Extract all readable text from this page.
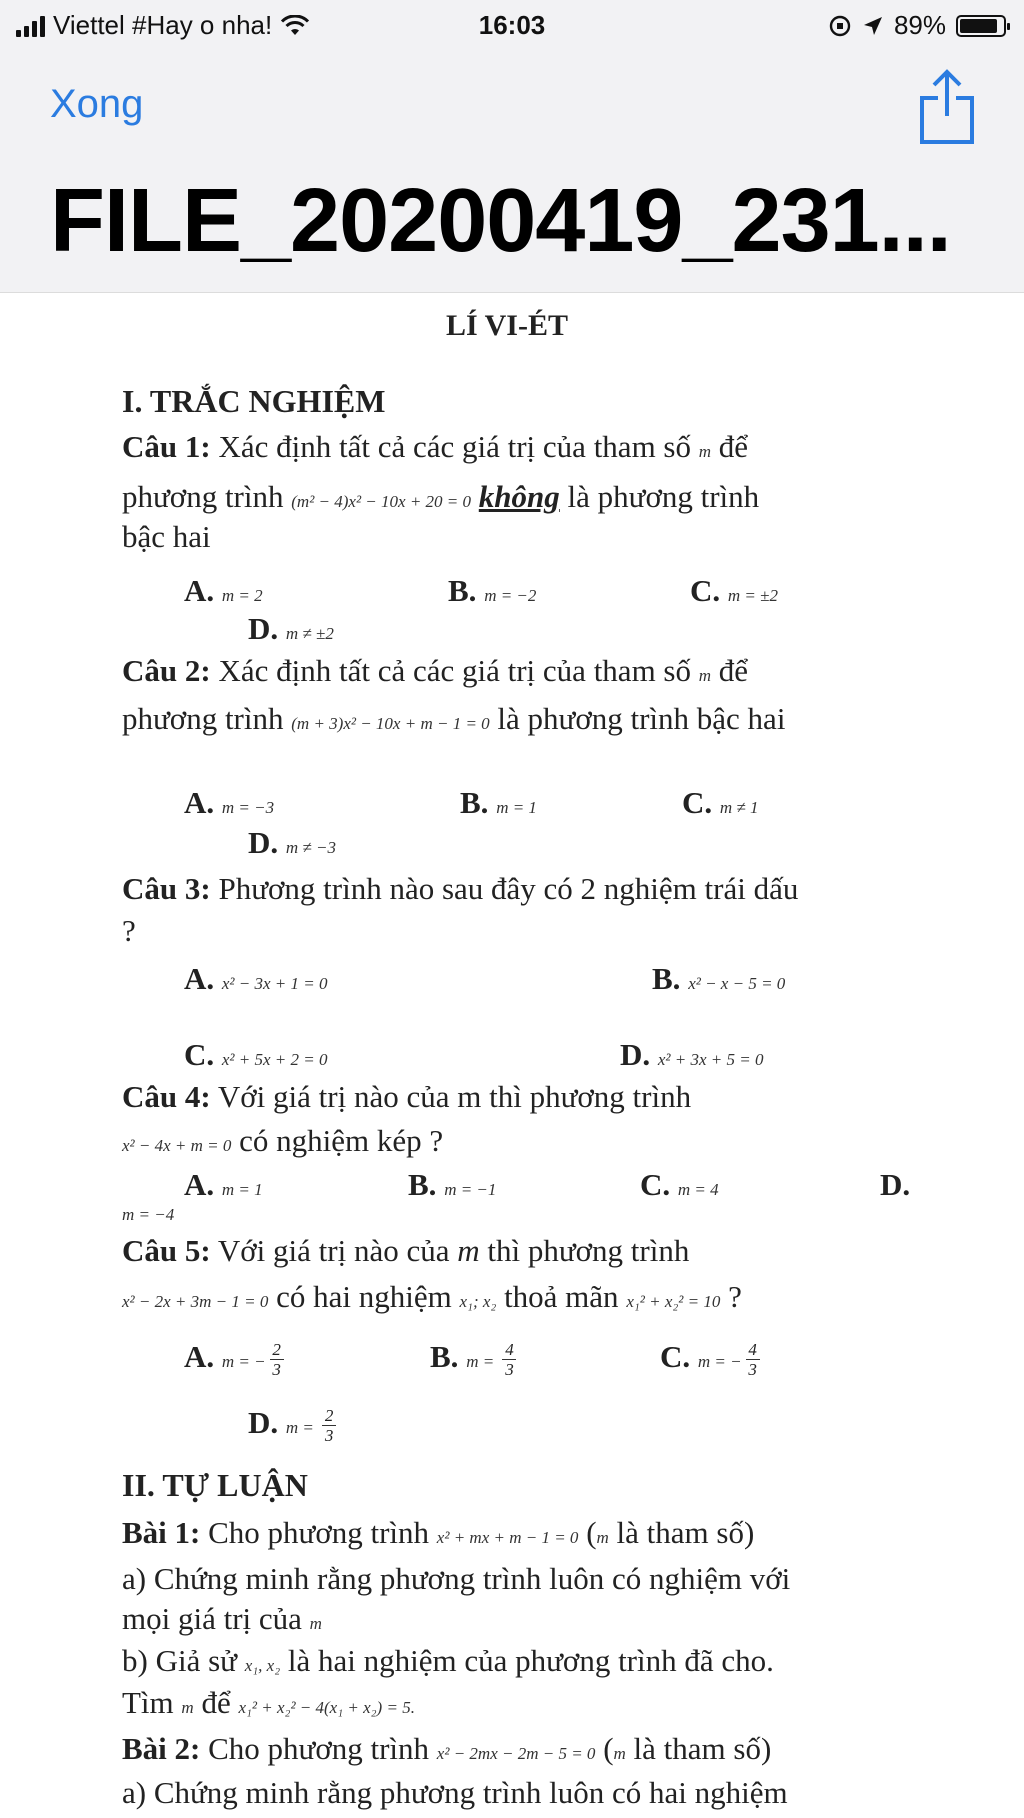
Viettel #Hay o nha!	16:03	89%
Xong
FILE_20200419_231...
LÍ VI-ÉT
I. TRẮC NGHIỆM
Câu 1: Xác định tất cả các giá trị của tham số m để
phương trình (m² − 4)x² − 10x + 20 = 0 không là phương trình
bậc hai
A. m = 2	B. m = −2	C. m = ±2
D. m ≠ ±2
Câu 2: Xác định tất cả các giá trị của tham số m để
phương trình (m + 3)x² − 10x + m − 1 = 0 là phương trình bậc hai
A. m = −3	B. m = 1	C. m ≠ 1
D. m ≠ −3
Câu 3: Phương trình nào sau đây có 2 nghiệm trái dấu
?
A. x² − 3x + 1 = 0	B. x² − x − 5 = 0
C. x² + 5x + 2 = 0	D. x² + 3x + 5 = 0
Câu 4: Với giá trị nào của m thì phương trình
x² − 4x + m = 0 có nghiệm kép ?
A. m = 1	B. m = −1	C. m = 4	D.
m = −4
Câu 5: Với giá trị nào của m thì phương trình
x² − 2x + 3m − 1 = 0 có hai nghiệm x₁; x₂ thoả mãn x₁² + x₂² = 10 ?
A. m = − $\frac{2}{3}$	B. $m = \frac{4}{3}$	C. m = − $\frac{4}{3}$
D. $m = \frac{2}{3}$
II. TỰ LUẬN
Bài 1: Cho phương trình x² + mx + m − 1 = 0 (m là tham số)
a) Chứng minh rằng phương trình luôn có nghiệm với
mọi giá trị của m
b) Giả sử x₁, x₂ là hai nghiệm của phương trình đã cho.
Tìm m để x₁² + x₂² − 4(x₁ + x₂) = 5.
Bài 2: Cho phương trình x² − 2mx − 2m − 5 = 0 (m là tham số)
a) Chứng minh rằng phương trình luôn có hai nghiệm
